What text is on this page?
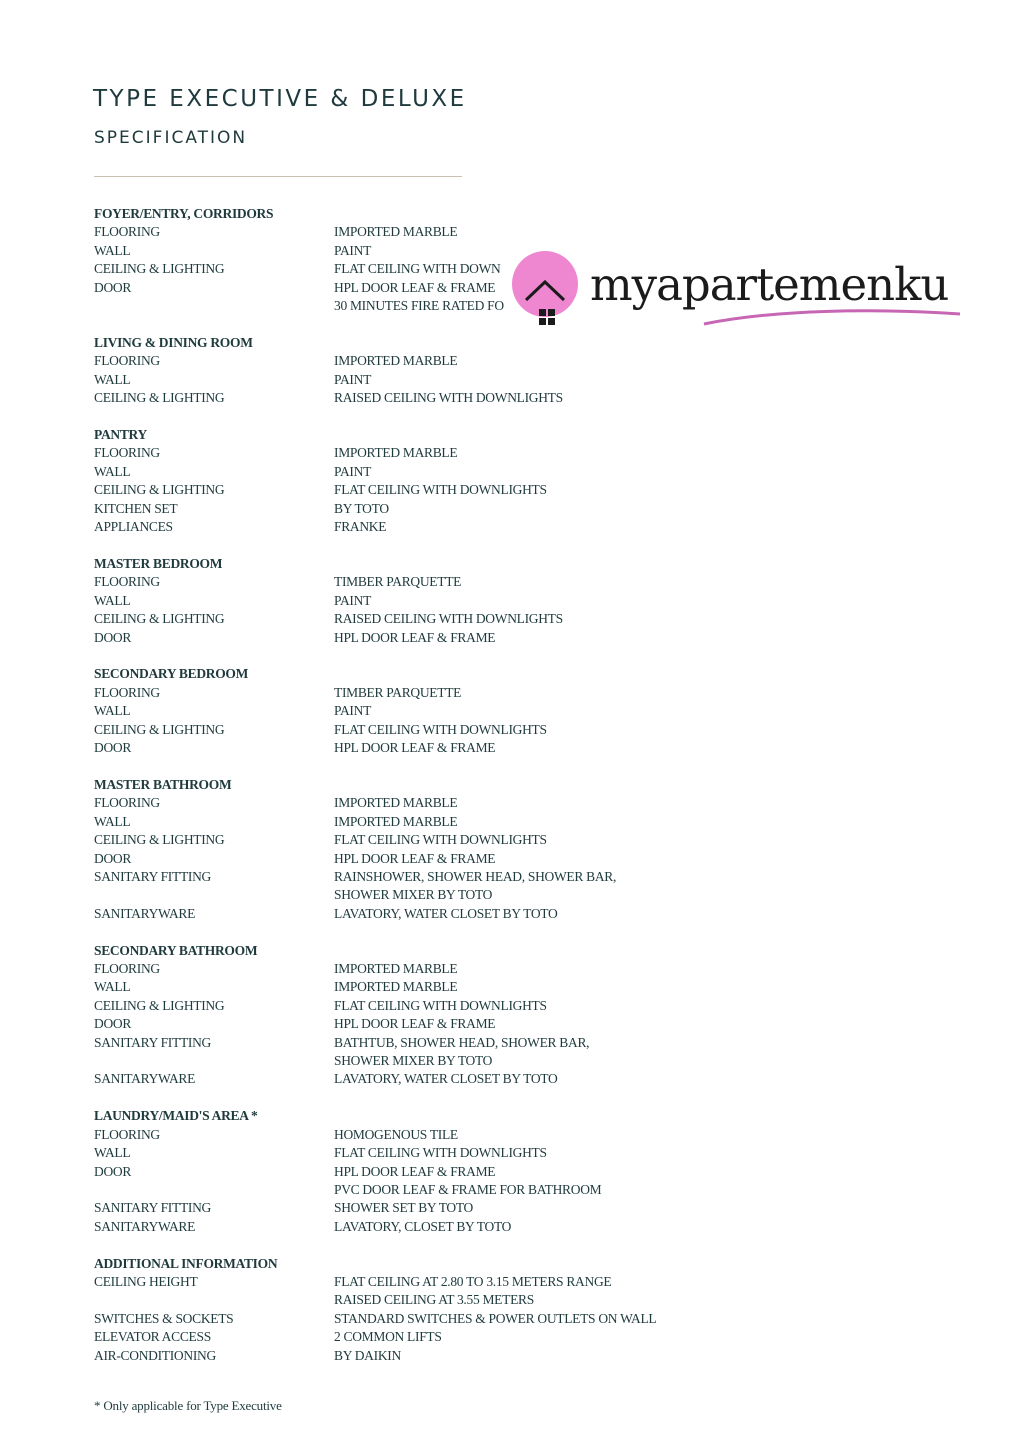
TYPE EXECUTIVE & DELUXE
SPECIFICATION
FOYER/ENTRY, CORRIDORS
FLOORING	IMPORTED MARBLE
WALL	PAINT
CEILING & LIGHTING	FLAT CEILING WITH DOWN
DOOR	HPL DOOR LEAF & FRAME
30 MINUTES FIRE RATED FO
LIVING & DINING ROOM
FLOORING	IMPORTED MARBLE
WALL	PAINT
CEILING & LIGHTING	RAISED CEILING WITH DOWNLIGHTS
PANTRY
FLOORING	IMPORTED MARBLE
WALL	PAINT
CEILING & LIGHTING	FLAT CEILING WITH DOWNLIGHTS
KITCHEN SET	BY TOTO
APPLIANCES	FRANKE
MASTER BEDROOM
FLOORING	TIMBER PARQUETTE
WALL	PAINT
CEILING & LIGHTING	RAISED CEILING WITH DOWNLIGHTS
DOOR	HPL DOOR LEAF & FRAME
SECONDARY BEDROOM
FLOORING	TIMBER PARQUETTE
WALL	PAINT
CEILING & LIGHTING	FLAT CEILING WITH DOWNLIGHTS
DOOR	HPL DOOR LEAF & FRAME
MASTER BATHROOM
FLOORING	IMPORTED MARBLE
WALL	IMPORTED MARBLE
CEILING & LIGHTING	FLAT CEILING WITH DOWNLIGHTS
DOOR	HPL DOOR LEAF & FRAME
SANITARY FITTING	RAINSHOWER, SHOWER HEAD, SHOWER BAR,
SHOWER MIXER BY TOTO
SANITARYWARE	LAVATORY, WATER CLOSET BY TOTO
SECONDARY BATHROOM
FLOORING	IMPORTED MARBLE
WALL	IMPORTED MARBLE
CEILING & LIGHTING	FLAT CEILING WITH DOWNLIGHTS
DOOR	HPL DOOR LEAF & FRAME
SANITARY FITTING	BATHTUB, SHOWER HEAD, SHOWER BAR,
SHOWER MIXER BY TOTO
SANITARYWARE	LAVATORY, WATER CLOSET BY TOTO
LAUNDRY/MAID'S AREA *
FLOORING	HOMOGENOUS TILE
WALL	FLAT CEILING WITH DOWNLIGHTS
DOOR	HPL DOOR LEAF & FRAME
PVC DOOR LEAF & FRAME FOR BATHROOM
SANITARY FITTING	SHOWER SET BY TOTO
SANITARYWARE	LAVATORY, CLOSET BY TOTO
ADDITIONAL INFORMATION
CEILING HEIGHT	FLAT CEILING AT 2.80 TO 3.15 METERS RANGE
RAISED CEILING AT 3.55 METERS
SWITCHES & SOCKETS	STANDARD SWITCHES & POWER OUTLETS ON WALL
ELEVATOR ACCESS	2 COMMON LIFTS
AIR-CONDITIONING	BY DAIKIN
* Only applicable for Type Executive
myapartemenku
